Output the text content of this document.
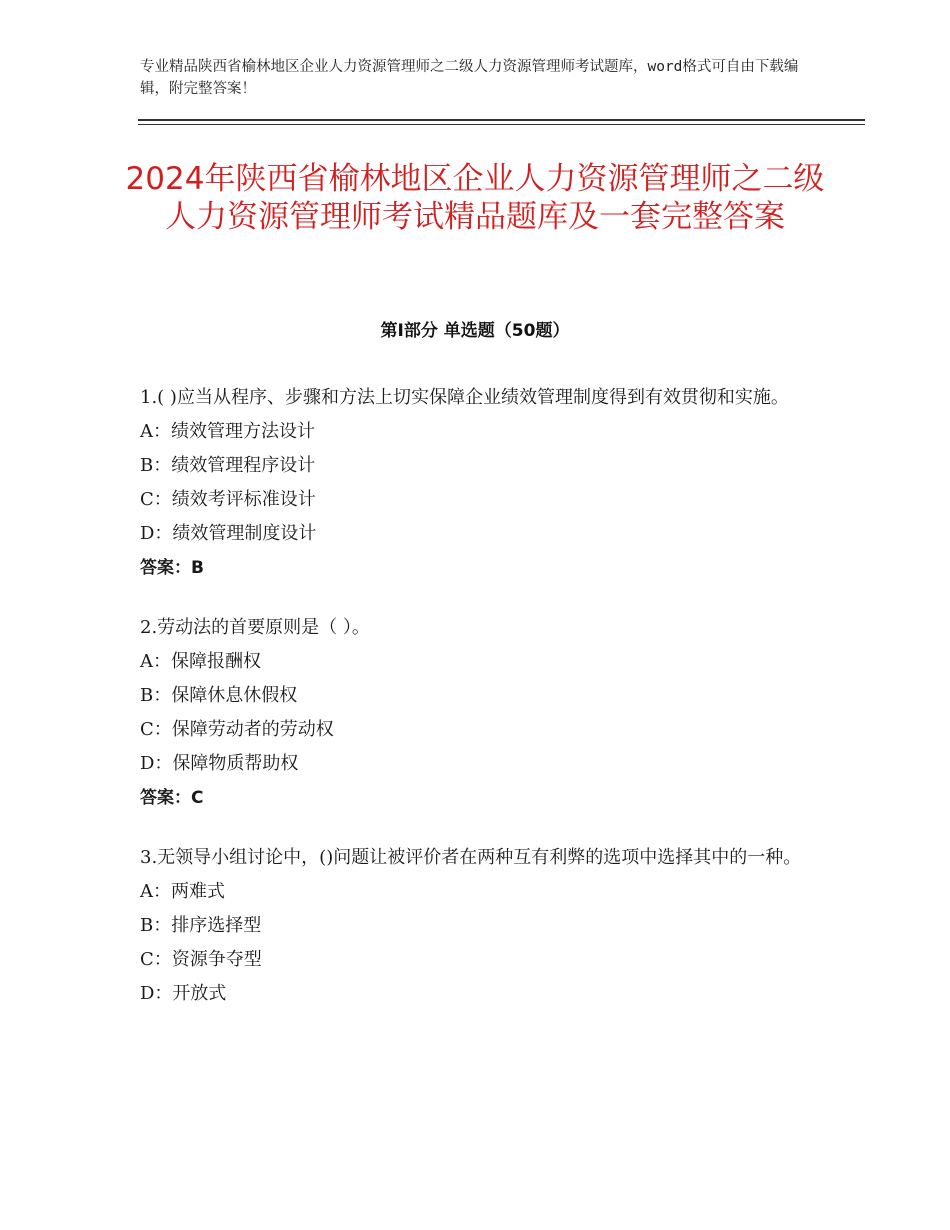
专业精品陕西省榆林地区企业人力资源管理师之二级人力资源管理师考试题库，word格式可自由下载编辑，附完整答案！
2024年陕西省榆林地区企业人力资源管理师之二级人力资源管理师考试精品题库及一套完整答案
第Ⅰ部分 单选题（50题）

1.( )应当从程序、步骤和方法上切实保障企业绩效管理制度得到有效贯彻和实施。

A：绩效管理方法设计

B：绩效管理程序设计

C：绩效考评标准设计

D：绩效管理制度设计

答案：B

2.劳动法的首要原则是（ ）。

A：保障报酬权

B：保障休息休假权

C：保障劳动者的劳动权

D：保障物质帮助权

答案：C

3.无领导小组讨论中，()问题让被评价者在两种互有利弊的选项中选择其中的一种。

A：两难式

B：排序选择型

C：资源争夺型

D：开放式
